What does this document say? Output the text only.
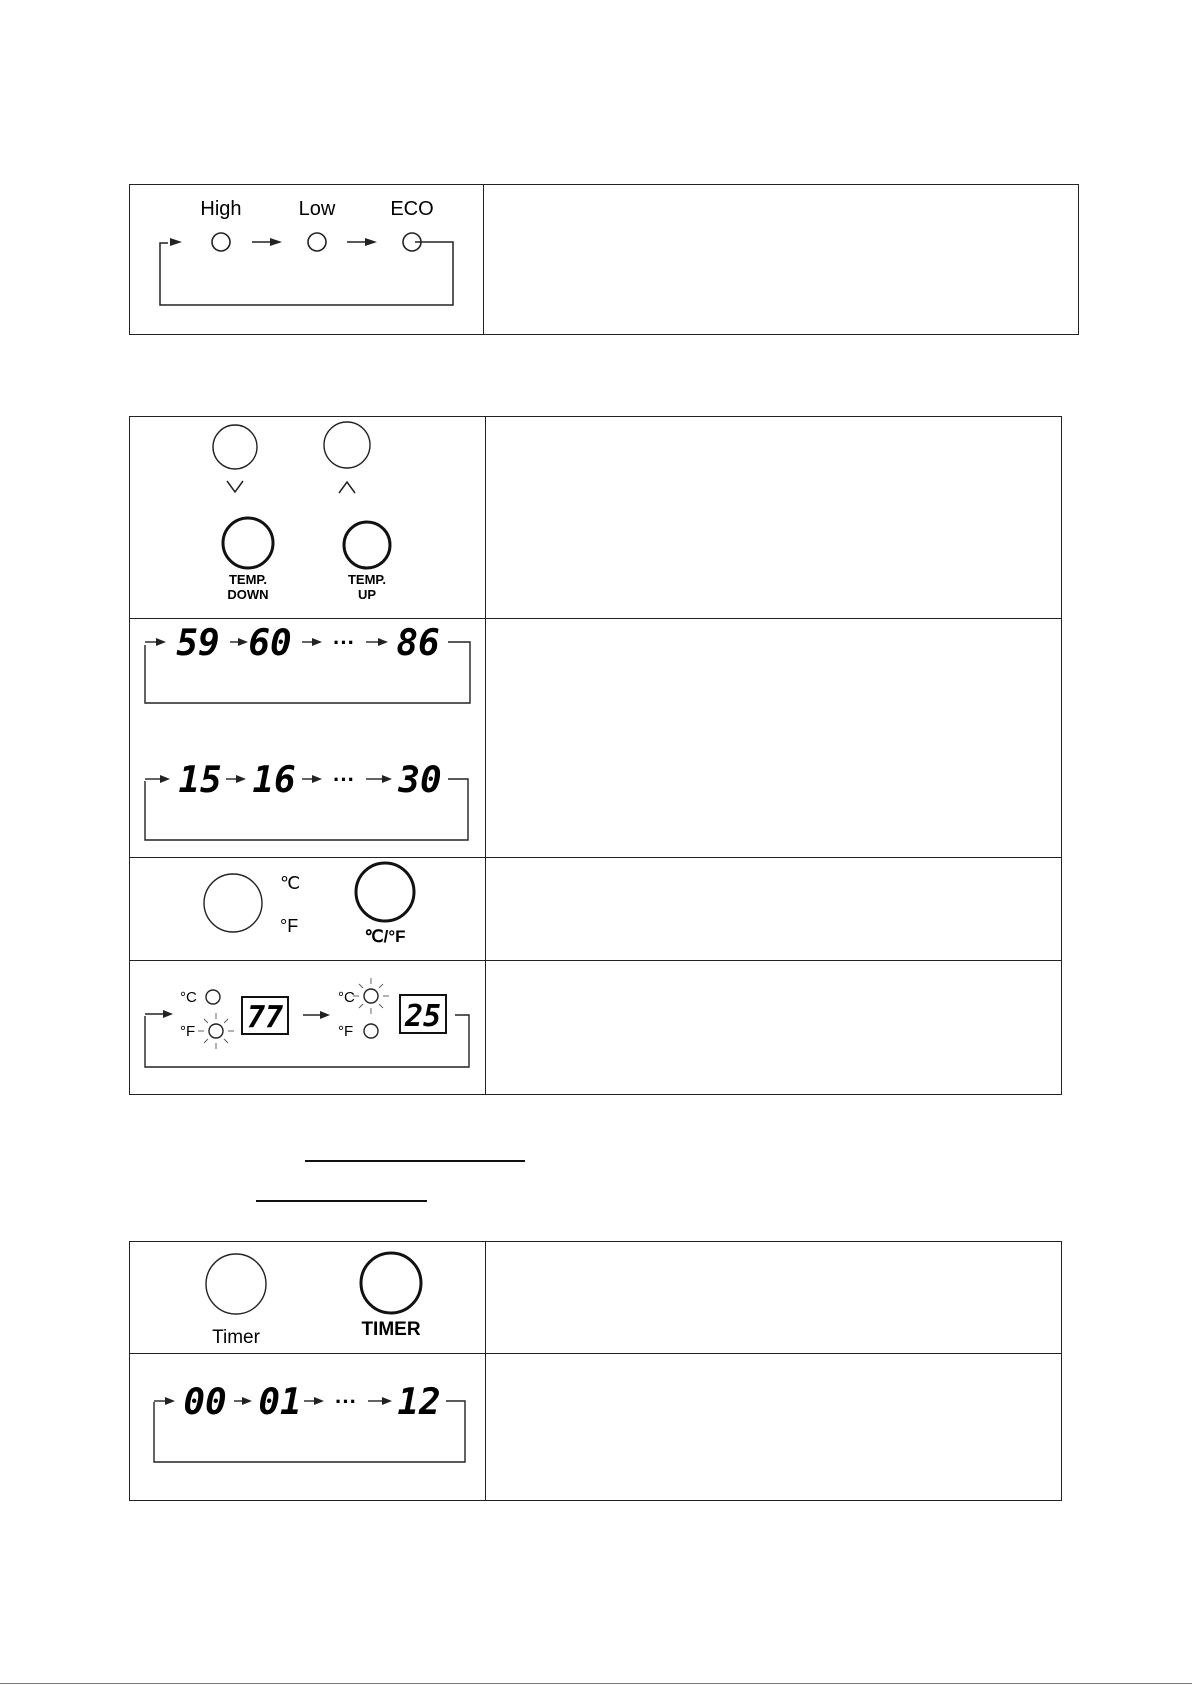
High	Low	ECO
TEMP.
DOWN
TEMP.
UP
59 60 ··· 86
15 16 ··· 30
℃
°F
℃/°F
°C
°F 77
°C
°F 25
Timer	TIMER
00 01 ··· 12
